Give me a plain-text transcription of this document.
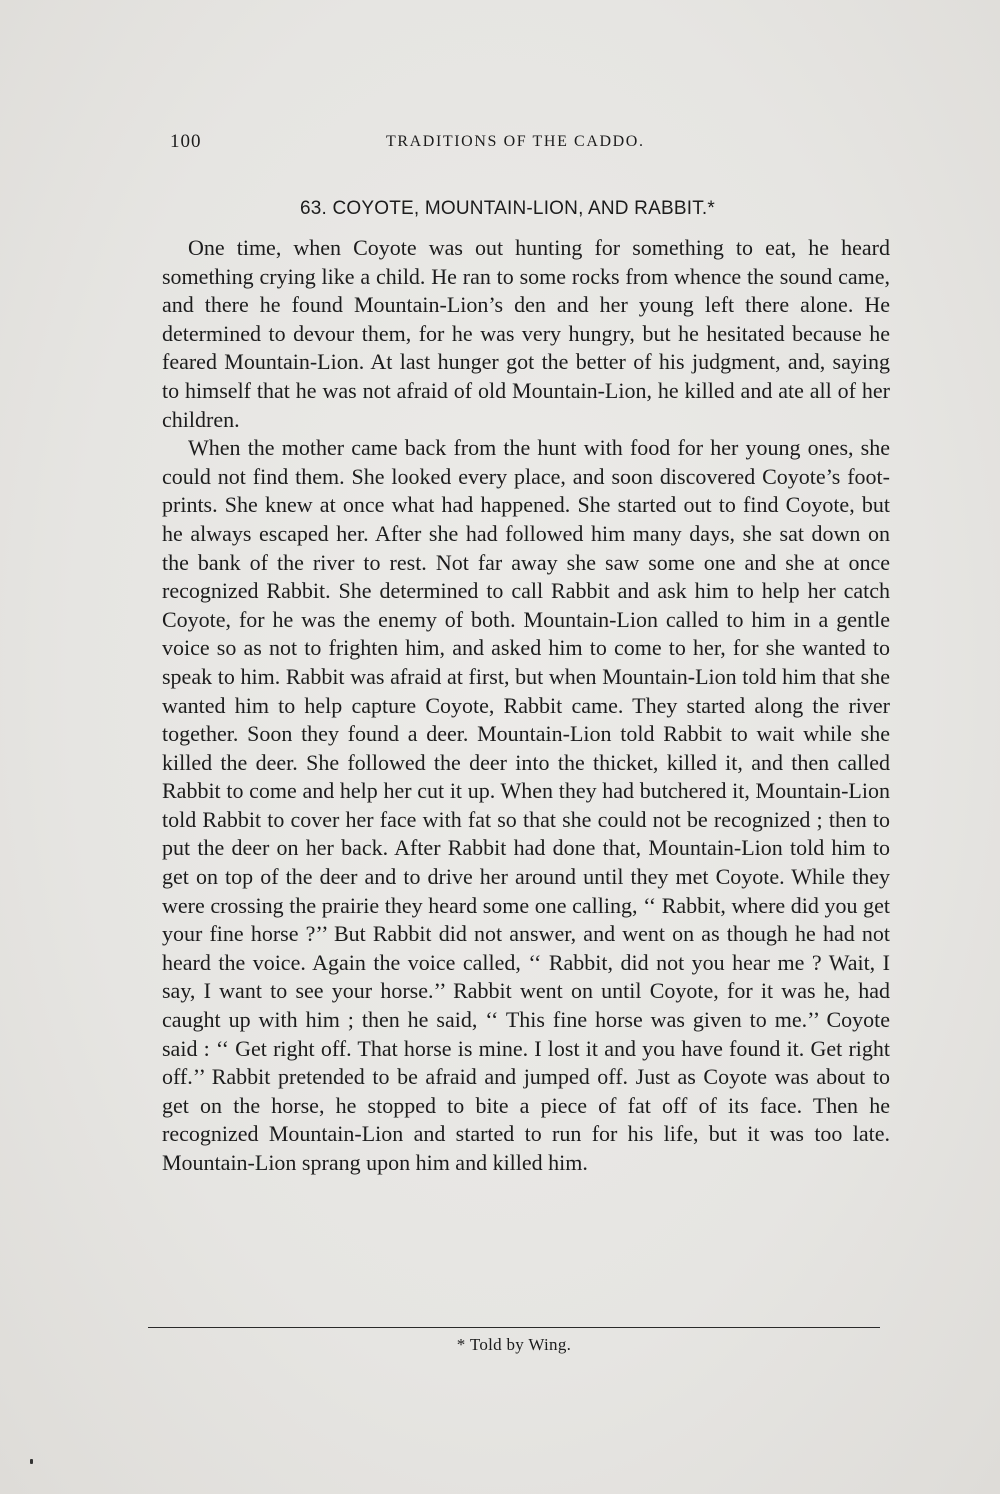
100	TRADITIONS OF THE CADDO.
63. COYOTE, MOUNTAIN-LION, AND RABBIT.*

One time, when Coyote was out hunting for something to eat, he heard something crying like a child. He ran to some rocks from whence the sound came, and there he found Mountain-Lion’s den and her young left there alone. He determined to devour them, for he was very hungry, but he hesitated because he feared Mountain-Lion. At last hunger got the better of his judgment, and, saying to himself that he was not afraid of old Mountain-Lion, he killed and ate all of her children.

When the mother came back from the hunt with food for her young ones, she could not find them. She looked every place, and soon discovered Coyote’s foot-prints. She knew at once what had happened. She started out to find Coyote, but he always escaped her. After she had followed him many days, she sat down on the bank of the river to rest. Not far away she saw some one and she at once recognized Rabbit. She determined to call Rabbit and ask him to help her catch Coyote, for he was the enemy of both. Mountain-Lion called to him in a gentle voice so as not to frighten him, and asked him to come to her, for she wanted to speak to him. Rabbit was afraid at first, but when Mountain-Lion told him that she wanted him to help capture Coyote, Rabbit came. They started along the river together. Soon they found a deer. Mountain-Lion told Rabbit to wait while she killed the deer. She followed the deer into the thicket, killed it, and then called Rabbit to come and help her cut it up. When they had butchered it, Mountain-Lion told Rabbit to cover her face with fat so that she could not be recognized ; then to put the deer on her back. After Rabbit had done that, Mountain-Lion told him to get on top of the deer and to drive her around until they met Coyote. While they were crossing the prairie they heard some one calling, ‘‘ Rabbit, where did you get your fine horse ?’’ But Rabbit did not answer, and went on as though he had not heard the voice. Again the voice called, ‘‘ Rabbit, did not you hear me ? Wait, I say, I want to see your horse.’’ Rabbit went on until Coyote, for it was he, had caught up with him ; then he said, ‘‘ This fine horse was given to me.’’ Coyote said : ‘‘ Get right off. That horse is mine. I lost it and you have found it. Get right off.’’ Rabbit pretended to be afraid and jumped off. Just as Coyote was about to get on the horse, he stopped to bite a piece of fat off of its face. Then he recognized Mountain-Lion and started to run for his life, but it was too late. Mountain-Lion sprang upon him and killed him.

* Told by Wing.
